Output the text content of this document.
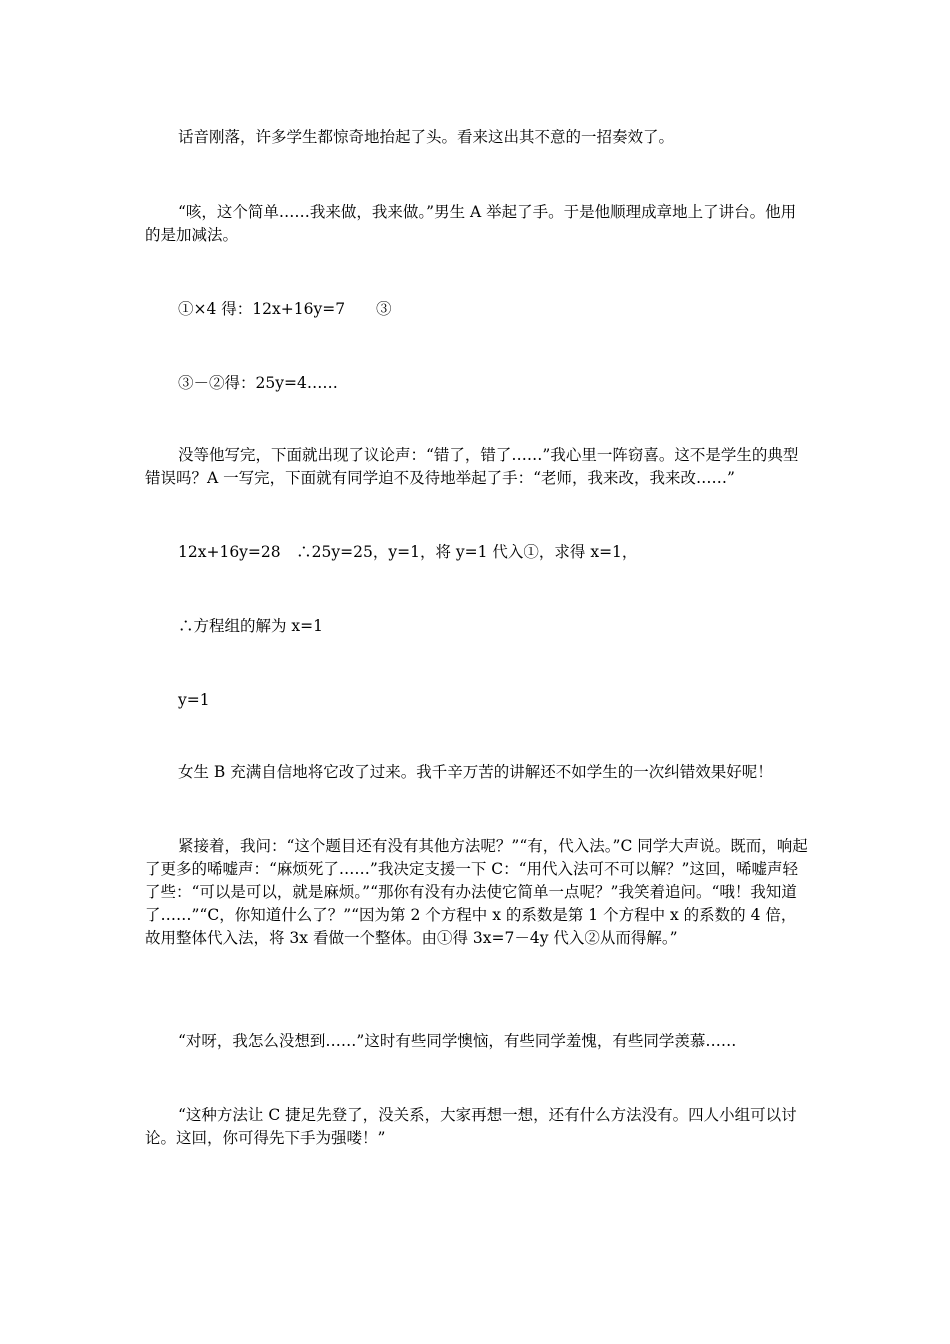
话音刚落，许多学生都惊奇地抬起了头。看来这出其不意的一招奏效了。

“咳，这个简单……我来做，我来做。”男生 A 举起了手。于是他顺理成章地上了讲台。他用的是加减法。

①×4 得：12x+16y=7　　③

③－②得：25y=4……

没等他写完，下面就出现了议论声：“错了，错了……”我心里一阵窃喜。这不是学生的典型错误吗？A 一写完，下面就有同学迫不及待地举起了手：“老师，我来改，我来改……”

12x+16y=28　∴25y=25，y=1，将 y=1 代入①，求得 x=1，

∴方程组的解为 x=1

y=1

女生 B 充满自信地将它改了过来。我千辛万苦的讲解还不如学生的一次纠错效果好呢！

紧接着，我问：“这个题目还有没有其他方法呢？”“有，代入法。”C 同学大声说。既而，响起了更多的唏嘘声：“麻烦死了……”我决定支援一下 C：“用代入法可不可以解？”这回，唏嘘声轻了些：“可以是可以，就是麻烦。”“那你有没有办法使它简单一点呢？”我笑着追问。“哦！我知道了……”“C，你知道什么了？”“因为第 2 个方程中 x 的系数是第 1 个方程中 x 的系数的 4 倍，故用整体代入法，将 3x 看做一个整体。由①得 3x=7－4y 代入②从而得解。”

“对呀，我怎么没想到……”这时有些同学懊恼，有些同学羞愧，有些同学羡慕……

“这种方法让 C 捷足先登了，没关系，大家再想一想，还有什么方法没有。四人小组可以讨论。这回，你可得先下手为强喽！”
